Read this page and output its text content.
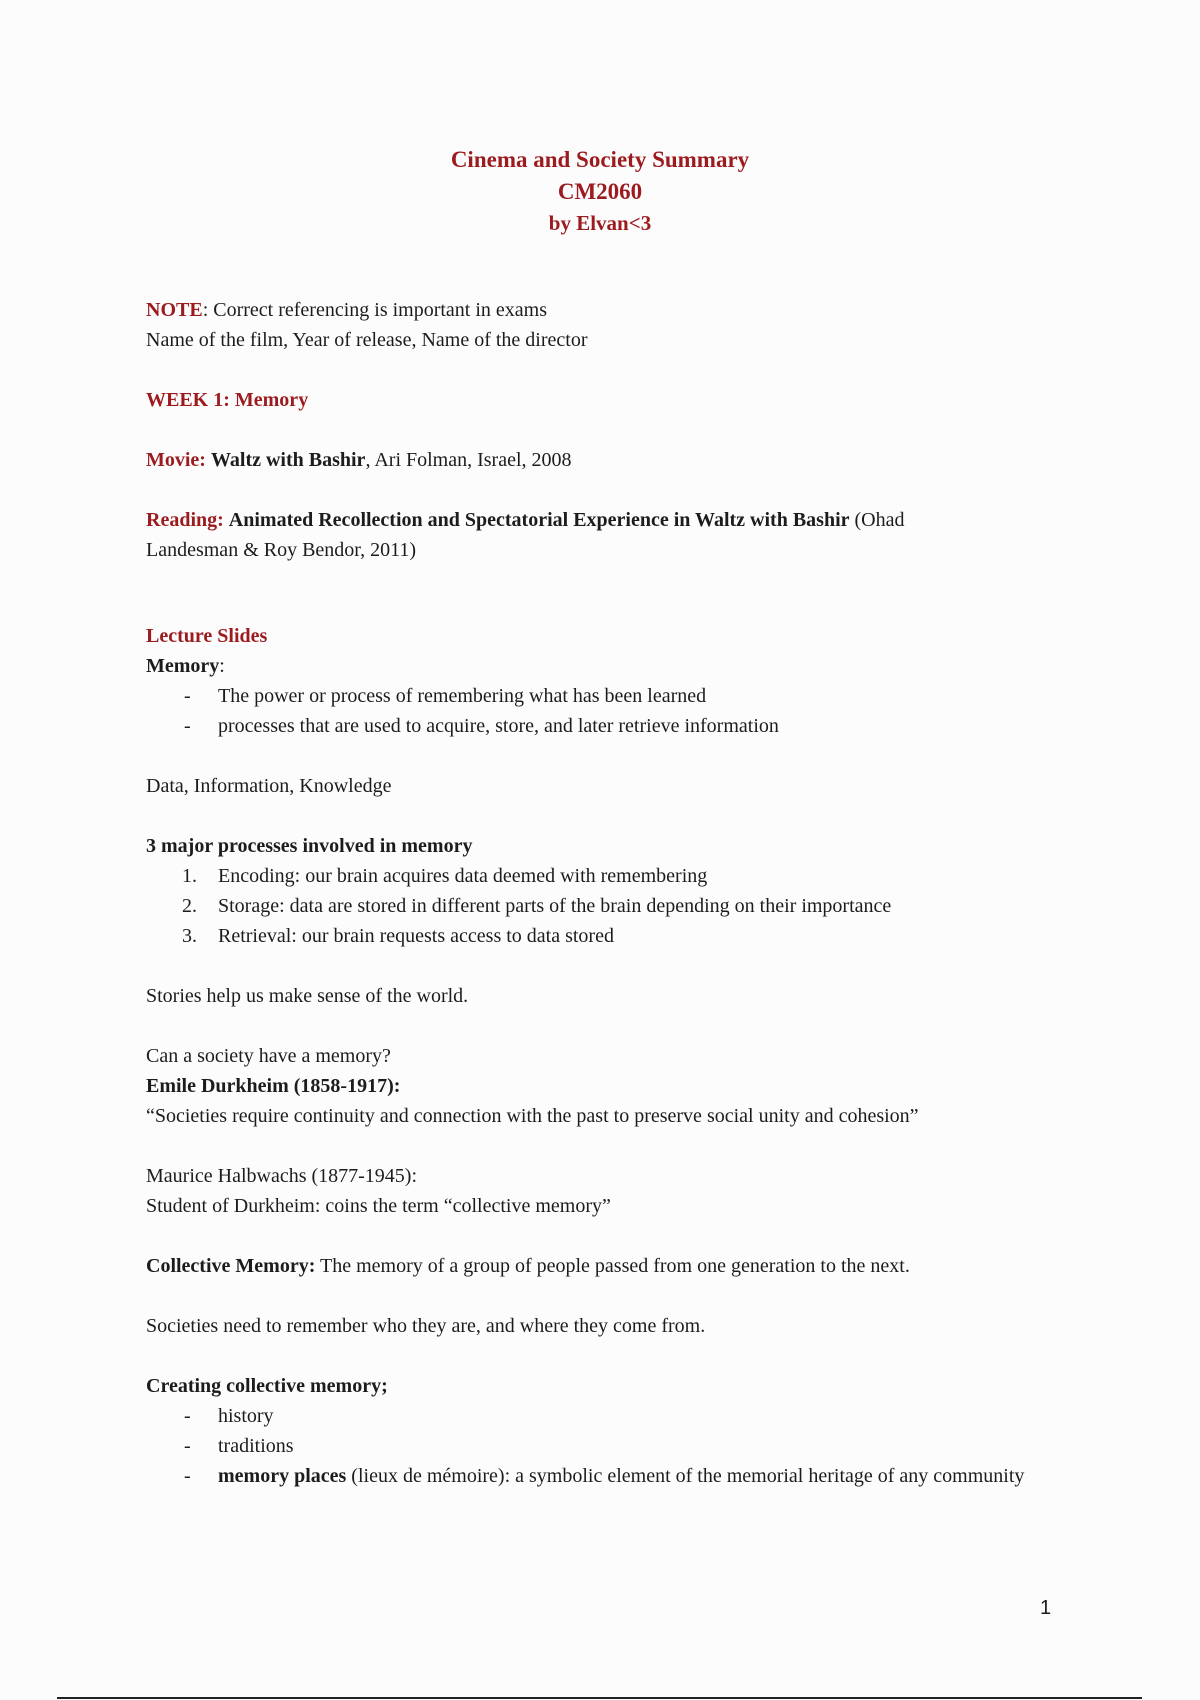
Cinema and Society Summary
CM2060
by Elvan<3
NOTE: Correct referencing is important in exams
Name of the film, Year of release, Name of the director
WEEK 1: Memory
Movie: Waltz with Bashir, Ari Folman, Israel, 2008
Reading: Animated Recollection and Spectatorial Experience in Waltz with Bashir (Ohad
Landesman & Roy Bendor, 2011)
Lecture Slides
Memory:
- The power or process of remembering what has been learned
- processes that are used to acquire, store, and later retrieve information
Data, Information, Knowledge
3 major processes involved in memory
1. Encoding: our brain acquires data deemed with remembering
2. Storage: data are stored in different parts of the brain depending on their importance
3. Retrieval: our brain requests access to data stored
Stories help us make sense of the world.
Can a society have a memory?
Emile Durkheim (1858-1917):
“Societies require continuity and connection with the past to preserve social unity and cohesion”
Maurice Halbwachs (1877-1945):
Student of Durkheim: coins the term “collective memory”
Collective Memory: The memory of a group of people passed from one generation to the next.
Societies need to remember who they are, and where they come from.
Creating collective memory;
- history
- traditions
- memory places (lieux de mémoire): a symbolic element of the memorial heritage of any community
1
